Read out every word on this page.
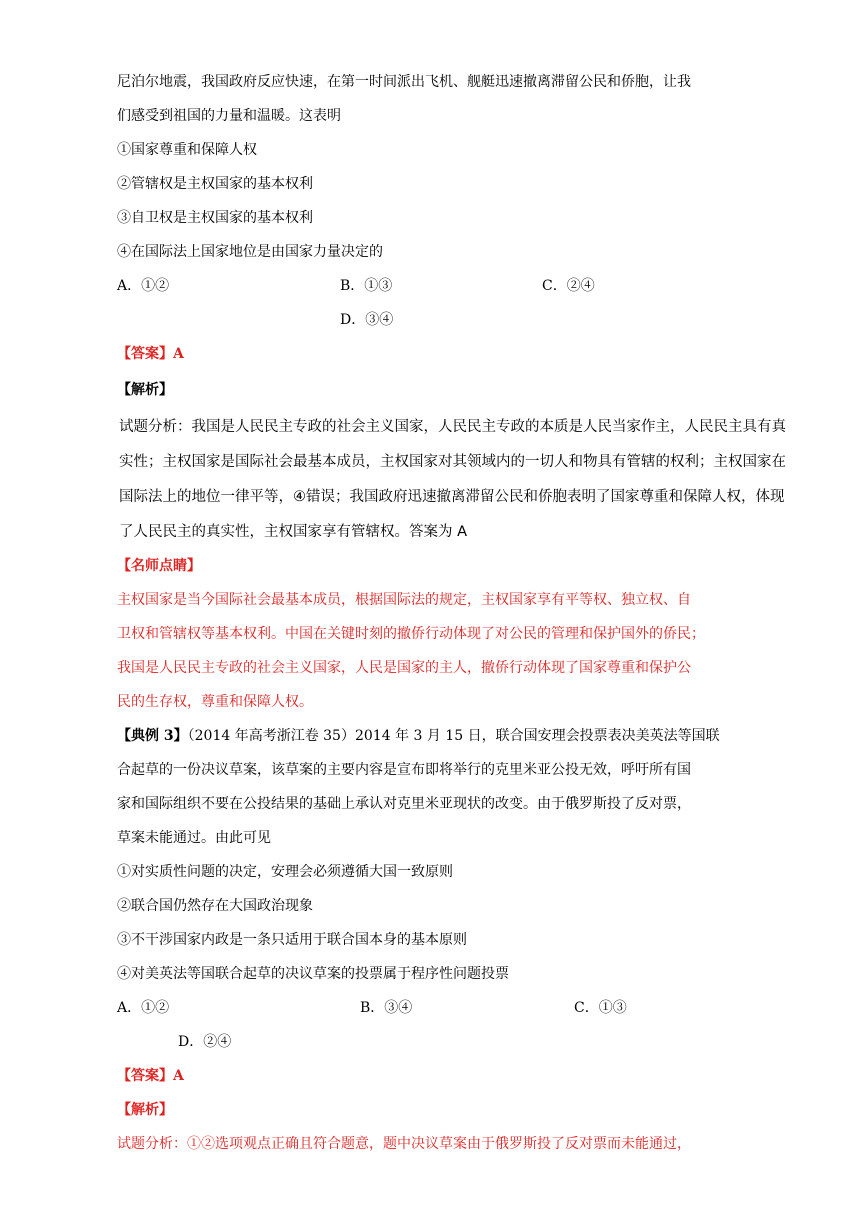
尼泊尔地震，我国政府反应快速，在第一时间派出飞机、舰艇迅速撤离滞留公民和侨胞，让我
们感受到祖国的力量和温暖。这表明
①国家尊重和保障人权
②管辖权是主权国家的基本权利
③自卫权是主权国家的基本权利
④在国际法上国家地位是由国家力量决定的
A．①②	B．①③	C．②④
D．③④
【答案】A
【解析】
试题分析：我国是人民民主专政的社会主义国家，人民民主专政的本质是人民当家作主，人民民主具有真
实性；主权国家是国际社会最基本成员，主权国家对其领域内的一切人和物具有管辖的权利；主权国家在
国际法上的地位一律平等，④错误；我国政府迅速撤离滞留公民和侨胞表明了国家尊重和保障人权，体现
了人民民主的真实性，主权国家享有管辖权。答案为 A
【名师点睛】
主权国家是当今国际社会最基本成员，根据国际法的规定，主权国家享有平等权、独立权、自
卫权和管辖权等基本权利。中国在关键时刻的撤侨行动体现了对公民的管理和保护国外的侨民；
我国是人民民主专政的社会主义国家，人民是国家的主人，撤侨行动体现了国家尊重和保护公
民的生存权，尊重和保障人权。
【典例 3】（2014 年高考浙江卷 35）2014 年 3 月 15 日，联合国安理会投票表决美英法等国联
合起草的一份决议草案，该草案的主要内容是宣布即将举行的克里米亚公投无效，呼吁所有国
家和国际组织不要在公投结果的基础上承认对克里米亚现状的改变。由于俄罗斯投了反对票，
草案未能通过。由此可见
①对实质性问题的决定，安理会必须遵循大国一致原则
②联合国仍然存在大国政治现象
③不干涉国家内政是一条只适用于联合国本身的基本原则
④对美英法等国联合起草的决议草案的投票属于程序性问题投票
A．①②	B．③④	C．①③
D．②④
【答案】A
【解析】
试题分析：①②选项观点正确且符合题意，题中决议草案由于俄罗斯投了反对票而未能通过，
